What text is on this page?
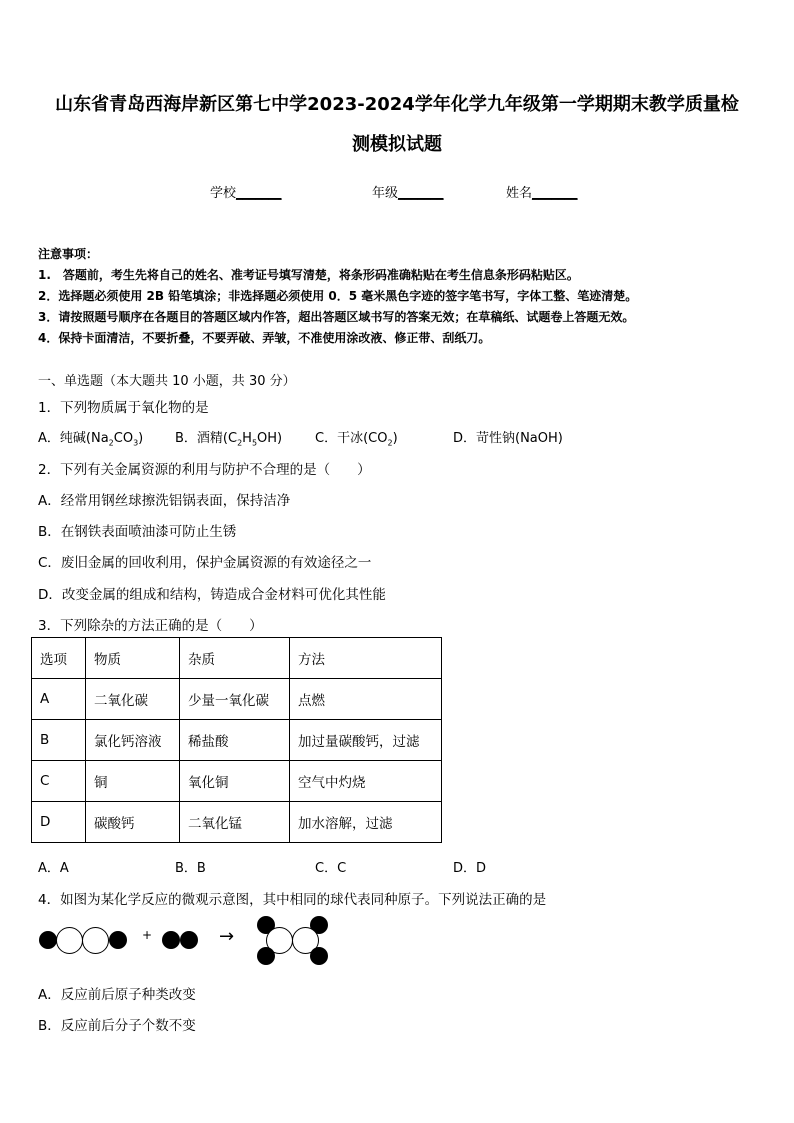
山东省青岛西海岸新区第七中学2023-2024学年化学九年级第一学期期末教学质量检
测模拟试题
学校_______	年级_______	姓名_______
注意事项：
1.　答题前，考生先将自己的姓名、准考证号填写清楚，将条形码准确粘贴在考生信息条形码粘贴区。
2．选择题必须使用 2B 铅笔填涂；非选择题必须使用 0．5 毫米黑色字迹的签字笔书写，字体工整、笔迹清楚。
3．请按照题号顺序在各题目的答题区域内作答，超出答题区域书写的答案无效；在草稿纸、试题卷上答题无效。
4．保持卡面清洁，不要折叠，不要弄破、弄皱，不准使用涂改液、修正带、刮纸刀。
一、单选题（本大题共 10 小题，共 30 分）
1．下列物质属于氧化物的是
A．纯碱$(Na_2CO_3)$ B．酒精$(C_2H_5OH)$	C．干冰$(CO_2)$	D．苛性钠(NaOH)
2．下列有关金属资源的利用与防护不合理的是（　　）
A．经常用钢丝球擦洗铝锅表面，保持洁净
B．在钢铁表面喷油漆可防止生锈
C．废旧金属的回收利用，保护金属资源的有效途径之一
D．改变金属的组成和结构，铸造成合金材料可优化其性能
3．下列除杂的方法正确的是（　　）
选项	物质	杂质	方法
A	二氧化碳	少量一氧化碳	点燃
B	氯化钙溶液	稀盐酸	加过量碳酸钙，过滤
C	铜	氧化铜	空气中灼烧
D	碳酸钙	二氧化锰	加水溶解，过滤
A．A	B．B	C．C	D．D
4．如图为某化学反应的微观示意图，其中相同的球代表同种原子。下列说法正确的是
+	→
A．反应前后原子种类改变
B．反应前后分子个数不变
